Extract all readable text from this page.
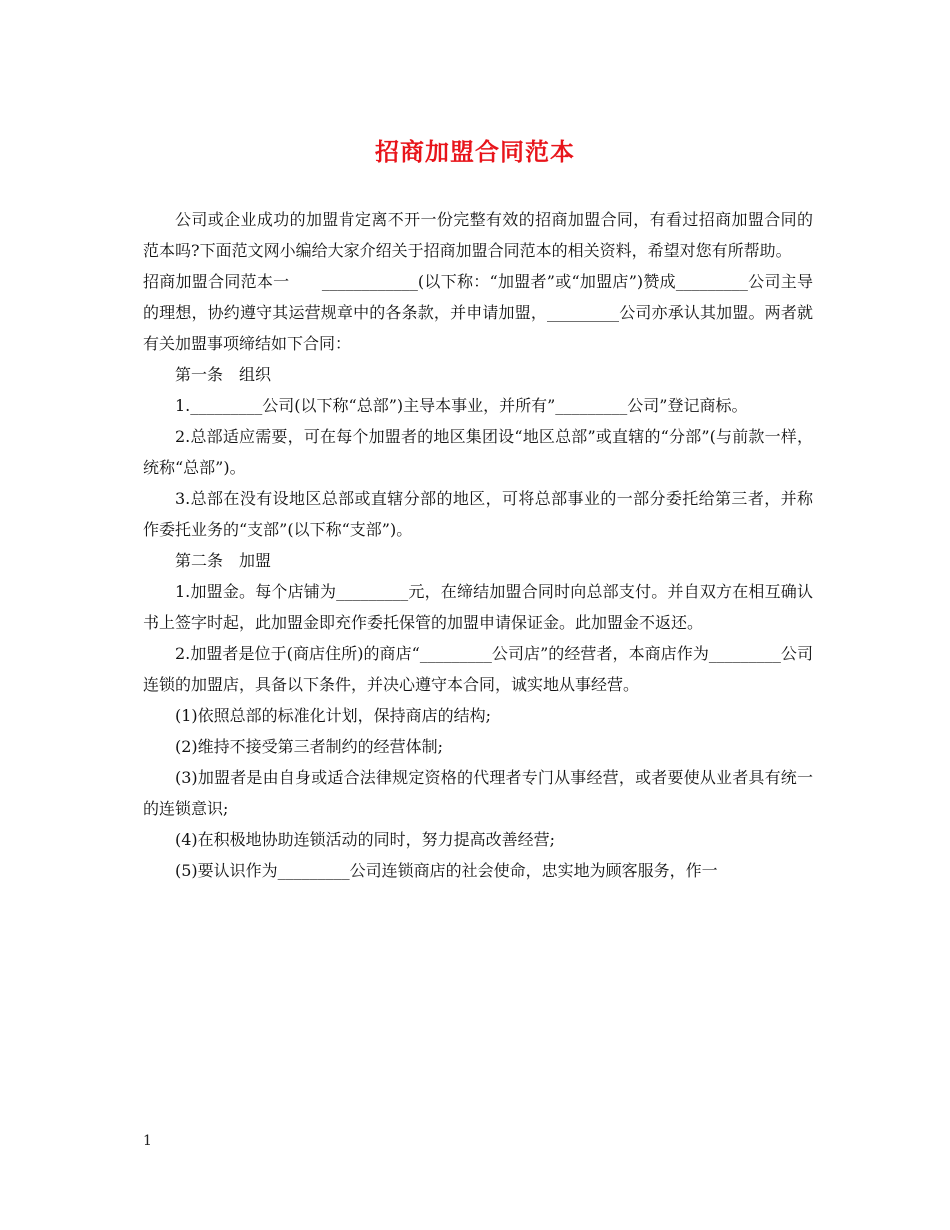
招商加盟合同范本

公司或企业成功的加盟肯定离不开一份完整有效的招商加盟合同，有看过招商加盟合同的范本吗?下面范文网小编给大家介绍关于招商加盟合同范本的相关资料，希望对您有所帮助。

招商加盟合同范本一　　____________(以下称：“加盟者”或“加盟店”)赞成_________公司主导的理想，协约遵守其运营规章中的各条款，并申请加盟，_________公司亦承认其加盟。两者就有关加盟事项缔结如下合同：

第一条　组织

1._________公司(以下称“总部”)主导本事业，并所有”_________公司”登记商标。

2.总部适应需要，可在每个加盟者的地区集团设“地区总部”或直辖的“分部”(与前款一样，统称“总部”)。

3.总部在没有设地区总部或直辖分部的地区，可将总部事业的一部分委托给第三者，并称作委托业务的“支部”(以下称“支部”)。

第二条　加盟

1.加盟金。每个店铺为_________元，在缔结加盟合同时向总部支付。并自双方在相互确认书上签字时起，此加盟金即充作委托保管的加盟申请保证金。此加盟金不返还。

2.加盟者是位于(商店住所)的商店“_________公司店”的经营者，本商店作为_________公司连锁的加盟店，具备以下条件，并决心遵守本合同，诚实地从事经营。

(1)依照总部的标准化计划，保持商店的结构;

(2)维持不接受第三者制约的经营体制;

(3)加盟者是由自身或适合法律规定资格的代理者专门从事经营，或者要使从业者具有统一的连锁意识;

(4)在积极地协助连锁活动的同时，努力提高改善经营;

(5)要认识作为_________公司连锁商店的社会使命，忠实地为顾客服务，作一

1
